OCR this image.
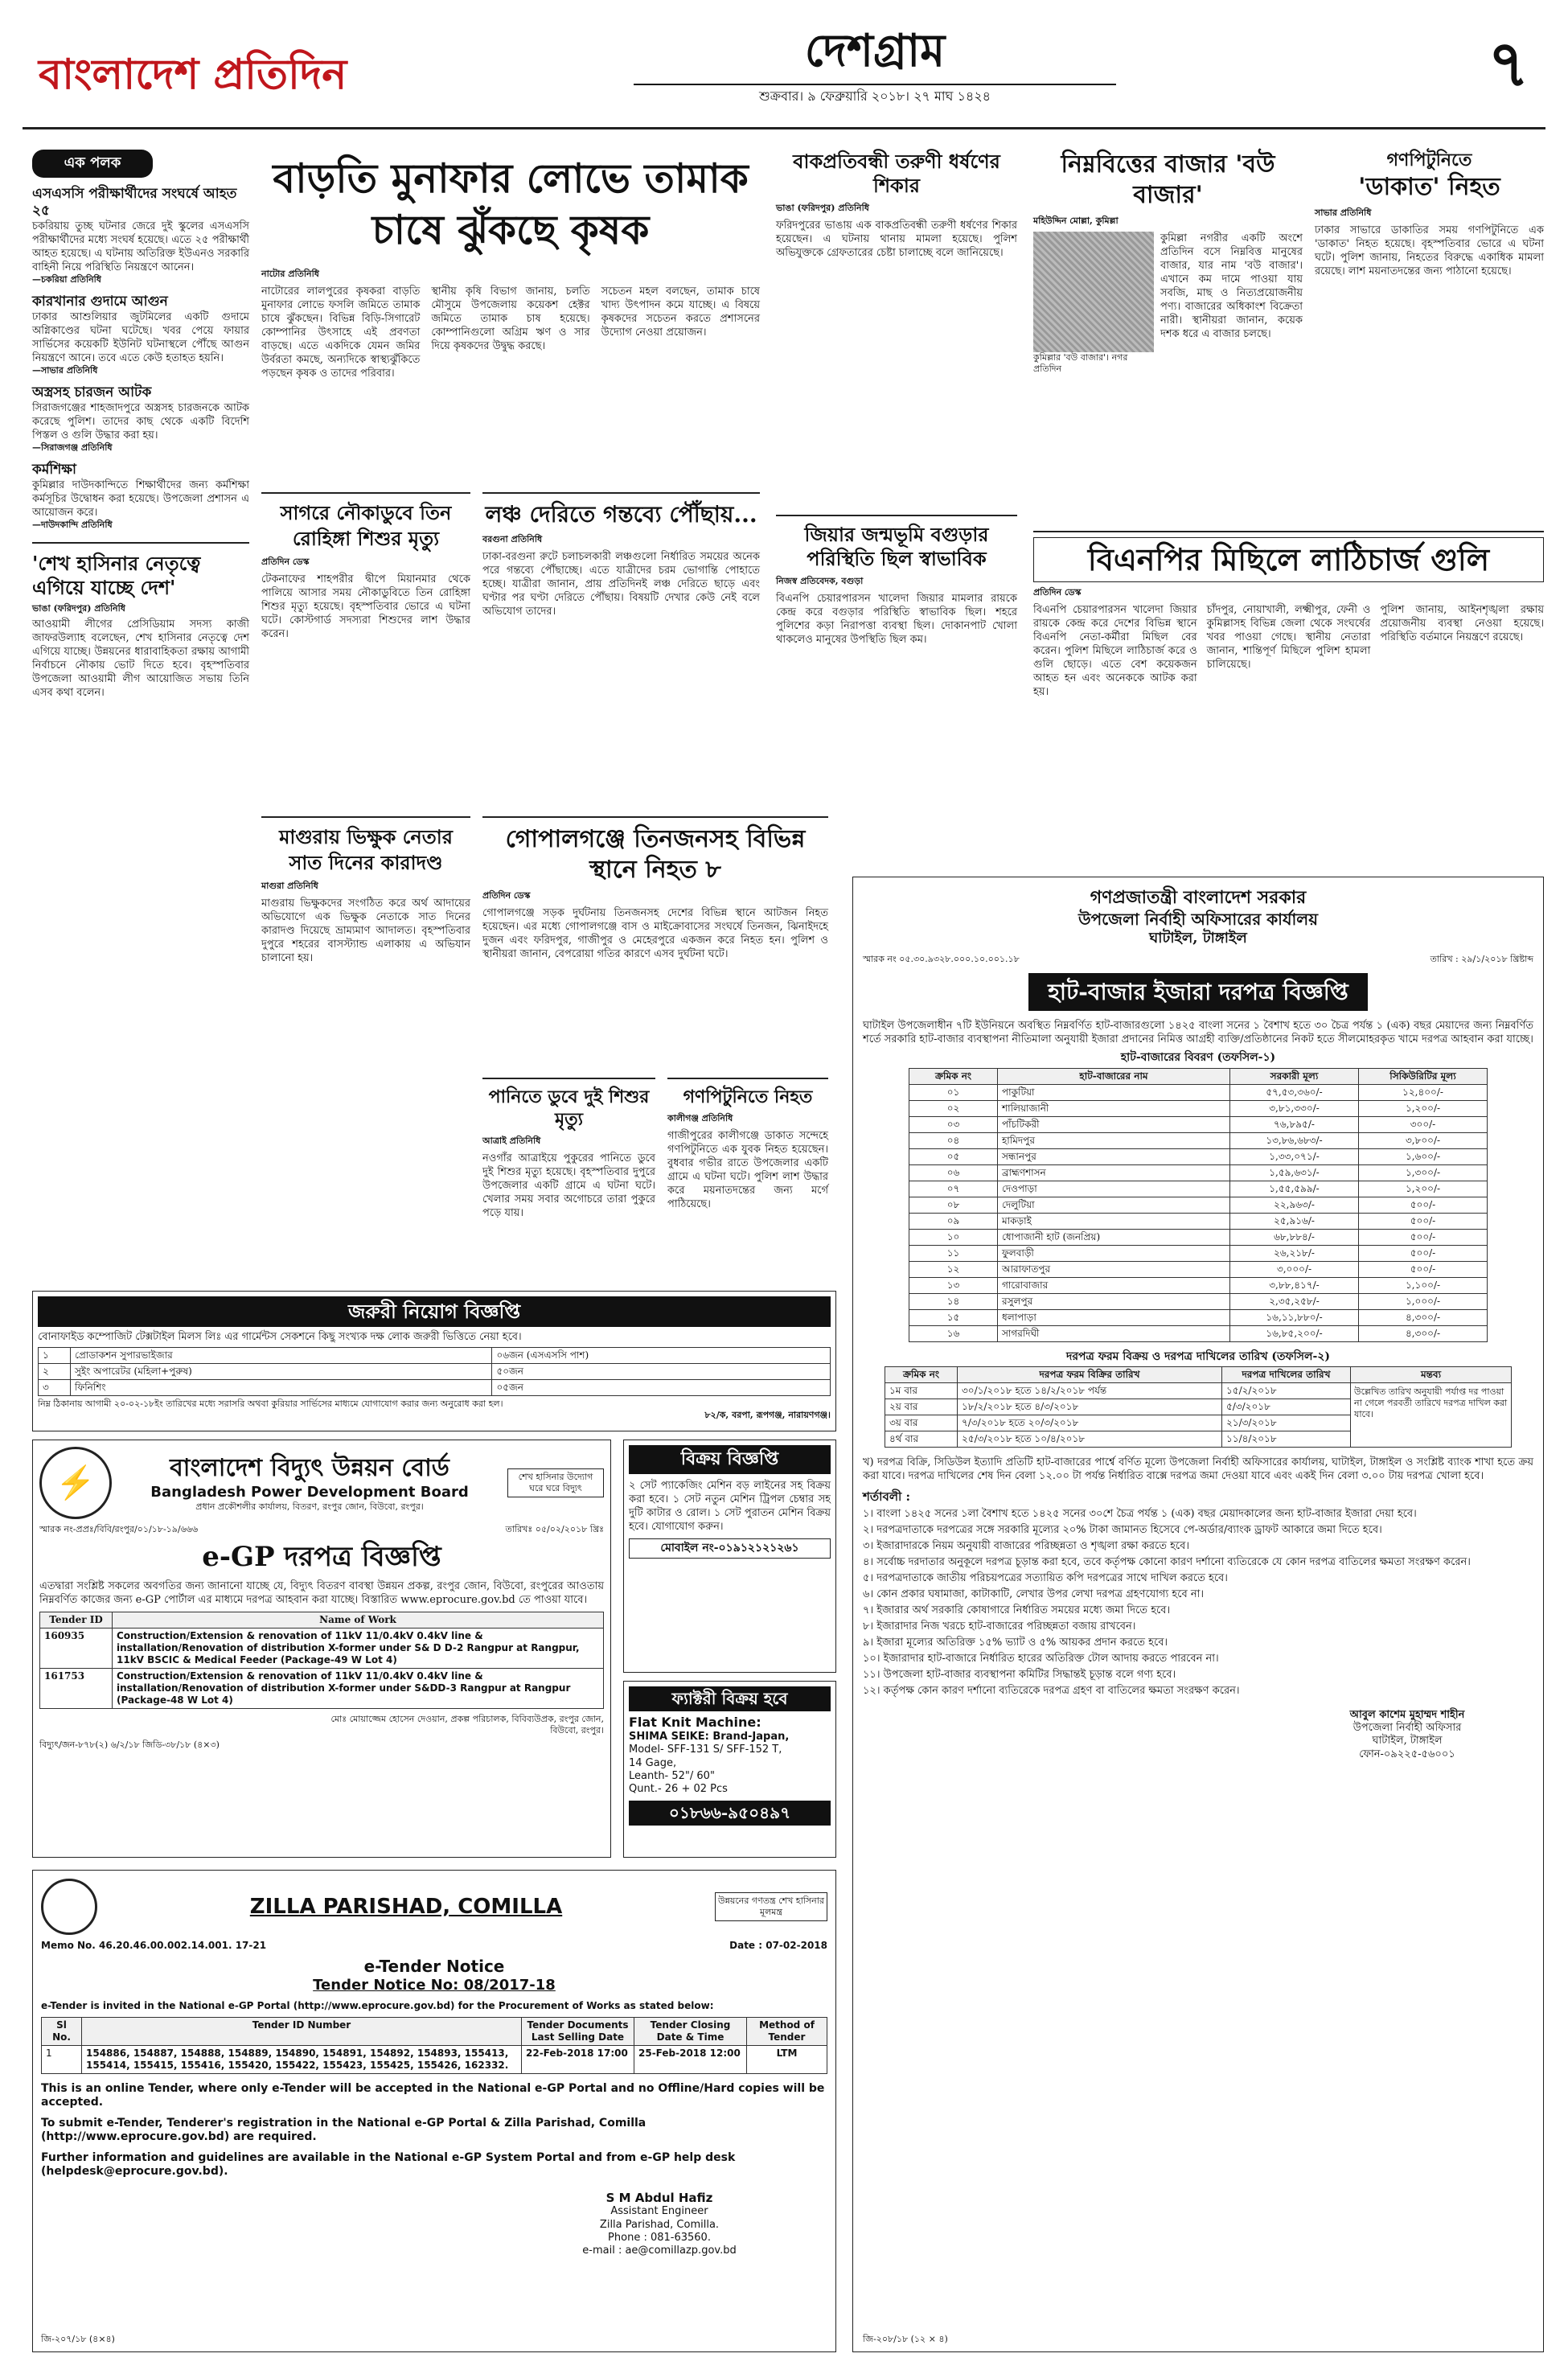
বাংলাদেশ প্রতিদিন	দেশগ্রাম
শুক্রবার। ৯ ফেব্রুয়ারি ২০১৮। ২৭ মাঘ ১৪২৪	৭
এক পলক
এসএসসি পরীক্ষার্থীদের সংঘর্ষে আহত ২৫
চকরিয়ায় তুচ্ছ ঘটনার জেরে দুই স্কুলের এসএসসি পরীক্ষার্থীদের মধ্যে সংঘর্ষ হয়েছে। এতে ২৫ পরীক্ষার্থী আহত হয়েছে। এ ঘটনায় অতিরিক্ত ইউএনও সরকারি বাহিনী নিয়ে পরিস্থিতি নিয়ন্ত্রণে আনেন।
—চকরিয়া প্রতিনিধি
কারখানার গুদামে আগুন
ঢাকার আশুলিয়ার জুটমিলের একটি গুদামে অগ্নিকাণ্ডের ঘটনা ঘটেছে। খবর পেয়ে ফায়ার সার্ভিসের কয়েকটি ইউনিট ঘটনাস্থলে পৌঁছে আগুন নিয়ন্ত্রণে আনে। তবে এতে কেউ হতাহত হয়নি।
—সাভার প্রতিনিধি
অস্ত্রসহ চারজন আটক
সিরাজগঞ্জের শাহজাদপুরে অস্ত্রসহ চারজনকে আটক করেছে পুলিশ। তাদের কাছ থেকে একটি বিদেশি পিস্তল ও গুলি উদ্ধার করা হয়।
—সিরাজগঞ্জ প্রতিনিধি
কর্মশিক্ষা
কুমিল্লার দাউদকান্দিতে শিক্ষার্থীদের জন্য কর্মশিক্ষা কর্মসূচির উদ্বোধন করা হয়েছে। উপজেলা প্রশাসন এ আয়োজন করে।
—দাউদকান্দি প্রতিনিধি
'শেখ হাসিনার নেতৃত্বে এগিয়ে যাচ্ছে দেশ'
ভাঙা (ফরিদপুর) প্রতিনিধি
আওয়ামী লীগের প্রেসিডিয়াম সদস্য কাজী জাফরউল্যাহ বলেছেন, শেখ হাসিনার নেতৃত্বে দেশ এগিয়ে যাচ্ছে। উন্নয়নের ধারাবাহিকতা রক্ষায় আগামী নির্বাচনে নৌকায় ভোট দিতে হবে। বৃহস্পতিবার উপজেলা আওয়ামী লীগ আয়োজিত সভায় তিনি এসব কথা বলেন।
বাড়তি মুনাফার লোভে তামাক চাষে ঝুঁকছে কৃষক
নাটোর প্রতিনিধি
নাটোরের লালপুরের কৃষকরা বাড়তি মুনাফার লোভে ফসলি জমিতে তামাক চাষে ঝুঁকছেন। বিভিন্ন বিড়ি-সিগারেট কোম্পানির উৎসাহে এই প্রবণতা বাড়ছে। এতে একদিকে যেমন জমির উর্বরতা কমছে, অন্যদিকে স্বাস্থ্যঝুঁকিতে পড়ছেন কৃষক ও তাদের পরিবার।
স্থানীয় কৃষি বিভাগ জানায়, চলতি মৌসুমে উপজেলায় কয়েকশ হেক্টর জমিতে তামাক চাষ হয়েছে। কোম্পানিগুলো অগ্রিম ঋণ ও সার দিয়ে কৃষকদের উদ্বুদ্ধ করছে।
সচেতন মহল বলছেন, তামাক চাষে খাদ্য উৎপাদন কমে যাচ্ছে। এ বিষয়ে কৃষকদের সচেতন করতে প্রশাসনের উদ্যোগ নেওয়া প্রয়োজন।
সাগরে নৌকাডুবে তিন রোহিঙ্গা শিশুর মৃত্যু
প্রতিদিন ডেস্ক
টেকনাফের শাহপরীর দ্বীপে মিয়ানমার থেকে পালিয়ে আসার সময় নৌকাডুবিতে তিন রোহিঙ্গা শিশুর মৃত্যু হয়েছে। বৃহস্পতিবার ভোরে এ ঘটনা ঘটে। কোস্টগার্ড সদস্যরা শিশুদের লাশ উদ্ধার করেন।
লঞ্চ দেরিতে গন্তব্যে পৌঁছায়...
বরগুনা প্রতিনিধি
ঢাকা-বরগুনা রুটে চলাচলকারী লঞ্চগুলো নির্ধারিত সময়ের অনেক পরে গন্তব্যে পৌঁছাচ্ছে। এতে যাত্রীদের চরম ভোগান্তি পোহাতে হচ্ছে। যাত্রীরা জানান, প্রায় প্রতিদিনই লঞ্চ দেরিতে ছাড়ে এবং ঘণ্টার পর ঘণ্টা দেরিতে পৌঁছায়। বিষয়টি দেখার কেউ নেই বলে অভিযোগ তাদের।
মাগুরায় ভিক্ষুক নেতার সাত দিনের কারাদণ্ড
মাগুরা প্রতিনিধি
মাগুরায় ভিক্ষুকদের সংগঠিত করে অর্থ আদায়ের অভিযোগে এক ভিক্ষুক নেতাকে সাত দিনের কারাদণ্ড দিয়েছে ভ্রাম্যমাণ আদালত। বৃহস্পতিবার দুপুরে শহরের বাসস্ট্যান্ড এলাকায় এ অভিযান চালানো হয়।
গোপালগঞ্জে তিনজনসহ বিভিন্ন স্থানে নিহত ৮
প্রতিদিন ডেস্ক
গোপালগঞ্জে সড়ক দুর্ঘটনায় তিনজনসহ দেশের বিভিন্ন স্থানে আটজন নিহত হয়েছেন। এর মধ্যে গোপালগঞ্জে বাস ও মাইক্রোবাসের সংঘর্ষে তিনজন, ঝিনাইদহে দুজন এবং ফরিদপুর, গাজীপুর ও মেহেরপুরে একজন করে নিহত হন। পুলিশ ও স্থানীয়রা জানান, বেপরোয়া গতির কারণে এসব দুর্ঘটনা ঘটে।
পানিতে ডুবে দুই শিশুর মৃত্যু
আত্রাই প্রতিনিধি
নওগাঁর আত্রাইয়ে পুকুরের পানিতে ডুবে দুই শিশুর মৃত্যু হয়েছে। বৃহস্পতিবার দুপুরে উপজেলার একটি গ্রামে এ ঘটনা ঘটে। খেলার সময় সবার অগোচরে তারা পুকুরে পড়ে যায়।
গণপিটুনিতে নিহত
কালীগঞ্জ প্রতিনিধি
গাজীপুরের কালীগঞ্জে ডাকাত সন্দেহে গণপিটুনিতে এক যুবক নিহত হয়েছেন। বুধবার গভীর রাতে উপজেলার একটি গ্রামে এ ঘটনা ঘটে। পুলিশ লাশ উদ্ধার করে ময়নাতদন্তের জন্য মর্গে পাঠিয়েছে।
বাকপ্রতিবন্ধী তরুণী ধর্ষণের শিকার
ভাঙা (ফরিদপুর) প্রতিনিধি
ফরিদপুরের ভাঙায় এক বাকপ্রতিবন্ধী তরুণী ধর্ষণের শিকার হয়েছেন। এ ঘটনায় থানায় মামলা হয়েছে। পুলিশ অভিযুক্তকে গ্রেফতারের চেষ্টা চালাচ্ছে বলে জানিয়েছে।
জিয়ার জন্মভূমি বগুড়ার পরিস্থিতি ছিল স্বাভাবিক
নিজস্ব প্রতিবেদক, বগুড়া
বিএনপি চেয়ারপারসন খালেদা জিয়ার মামলার রায়কে কেন্দ্র করে বগুড়ার পরিস্থিতি স্বাভাবিক ছিল। শহরে পুলিশের কড়া নিরাপত্তা ব্যবস্থা ছিল। দোকানপাট খোলা থাকলেও মানুষের উপস্থিতি ছিল কম।
নিম্নবিত্তের বাজার 'বউ বাজার'
মহিউদ্দিন মোল্লা, কুমিল্লা
কুমিল্লার 'বউ বাজার'। নগর প্রতিদিন
কুমিল্লা নগরীর একটি অংশে প্রতিদিন বসে নিম্নবিত্ত মানুষের বাজার, যার নাম 'বউ বাজার'। এখানে কম দামে পাওয়া যায় সবজি, মাছ ও নিত্যপ্রয়োজনীয় পণ্য। বাজারের অধিকাংশ বিক্রেতা নারী। স্থানীয়রা জানান, কয়েক দশক ধরে এ বাজার চলছে।
গণপিটুনিতে
'ডাকাত' নিহত
সাভার প্রতিনিধি
ঢাকার সাভারে ডাকাতির সময় গণপিটুনিতে এক 'ডাকাত' নিহত হয়েছে। বৃহস্পতিবার ভোরে এ ঘটনা ঘটে। পুলিশ জানায়, নিহতের বিরুদ্ধে একাধিক মামলা রয়েছে। লাশ ময়নাতদন্তের জন্য পাঠানো হয়েছে।
বিএনপির মিছিলে লাঠিচার্জ গুলি
প্রতিদিন ডেস্ক
বিএনপি চেয়ারপারসন খালেদা জিয়ার রায়কে কেন্দ্র করে দেশের বিভিন্ন স্থানে বিএনপি নেতা-কর্মীরা মিছিল বের করেন। পুলিশ মিছিলে লাঠিচার্জ করে ও গুলি ছোড়ে। এতে বেশ কয়েকজন আহত হন এবং অনেককে আটক করা হয়।
চাঁদপুর, নোয়াখালী, লক্ষ্মীপুর, ফেনী ও কুমিল্লাসহ বিভিন্ন জেলা থেকে সংঘর্ষের খবর পাওয়া গেছে। স্থানীয় নেতারা জানান, শান্তিপূর্ণ মিছিলে পুলিশ হামলা চালিয়েছে।
পুলিশ জানায়, আইনশৃঙ্খলা রক্ষায় প্রয়োজনীয় ব্যবস্থা নেওয়া হয়েছে। পরিস্থিতি বর্তমানে নিয়ন্ত্রণে রয়েছে।
জরুরী নিয়োগ বিজ্ঞপ্তি
বোনাফাইড কম্পোজিট টেক্সটাইল মিলস লিঃ এর গার্মেন্টস সেকশনে কিছু সংখ্যক দক্ষ লোক জরুরী ভিত্তিতে নেয়া হবে।
১	প্রোডাকশন সুপারভাইজার	০৬জন (এসএসসি পাশ)
২	সুইং অপারেটর (মহিলা+পুরুষ)	৫০জন
৩	ফিনিশিং	০৫জন
নিম্ন ঠিকানায় আগামী ২০-০২-১৮ইং তারিখের মধ্যে সরাসরি অথবা কুরিয়ার সার্ভিসের মাধ্যমে যোগাযোগ করার জন্য অনুরোধ করা হল।
৮২/ক, বরপা, রূপগঞ্জ, নারায়ণগঞ্জ।
⚡	বাংলাদেশ বিদ্যুৎ উন্নয়ন বোর্ড
Bangladesh Power Development Board
প্রধান প্রকৌশলীর কার্যালয়, বিতরণ, রংপুর জোন, বিউবো, রংপুর।
শেখ হাসিনার উদ্যোগ ঘরে ঘরে বিদ্যুৎ
স্মারক নং-প্রপ্রঃ/বিবি/রংপুর/০১/১৮-১৯/৬৬৬	তারিখঃ ০৫/০২/২০১৮ খ্রিঃ
e-GP দরপত্র বিজ্ঞপ্তি
এতদ্বারা সংশ্লিষ্ট সকলের অবগতির জন্য জানানো যাচ্ছে যে, বিদ্যুৎ বিতরণ বাবস্থা উন্নয়ন প্রকল্প, রংপুর জোন, বিউবো, রংপুরের আওতায় নিম্নবর্ণিত কাজের জন্য e-GP পোর্টাল এর মাধ্যমে দরপত্র আহবান করা যাচ্ছে। বিস্তারিত www.eprocure.gov.bd তে পাওয়া যাবে।
Tender ID	Name of Work
160935	Construction/Extension & renovation of 11kV 11/0.4kV 0.4kV line & installation/Renovation of distribution X-former under S& D D-2 Rangpur at Rangpur, 11kV BSCIC & Medical Feeder (Package-49 W Lot 4)
161753	Construction/Extension & renovation of 11kV 11/0.4kV 0.4kV line & installation/Renovation of distribution X-former under S&DD-3 Rangpur at Rangpur (Package-48 W Lot 4)
মোঃ মোয়াজ্জেম হোসেন দেওয়ান, প্রকল্প পরিচালক, বিবিব্যউপ্রক, রংপুর জোন, বিউবো, রংপুর।
বিদ্যুৎ/জন-৮৭৮(২) ৬/২/১৮ জিডি-৩৮/১৮ (৪×৩)
বিক্রয় বিজ্ঞপ্তি
২ সেট প্যাকেজিং মেশিন বড় লাইনের সহ বিক্রয় করা হবে। ১ সেট নতুন মেশিন ট্রিপল চেম্বার সহ দুটি কাটার ও রোল। ১ সেট পুরাতন মেশিন বিক্রয় হবে। যোগাযোগ করুন।
মোবাইল নং-০১৯১২১২১২৬১
ফ্যাক্টরী বিক্রয় হবে
Flat Knit Machine:
SHIMA SEIKE: Brand-Japan,
Model- SFF-131 S/ SFF-152 T,
14 Gage,
Leanth- 52"/ 60"
Qunt.- 26 + 02 Pcs
০১৮৬৬-৯৫০৪৯৭
ZILLA PARISHAD, COMILLA	উন্নয়নের গণতন্ত্র শেখ হাসিনার মূলমন্ত্র
Memo No. 46.20.46.00.002.14.001. 17-21	Date : 07-02-2018
e-Tender Notice
Tender Notice No: 08/2017-18
e-Tender is invited in the National e-GP Portal (http://www.eprocure.gov.bd) for the Procurement of Works as stated below:
Sl No.	Tender ID Number	Tender Documents Last Selling Date	Tender Closing Date & Time	Method of Tender
1	154886, 154887, 154888, 154889, 154890, 154891, 154892, 154893, 155413, 155414, 155415, 155416, 155420, 155422, 155423, 155425, 155426, 162332.	22-Feb-2018 17:00	25-Feb-2018 12:00	LTM
This is an online Tender, where only e-Tender will be accepted in the National e-GP Portal and no Offline/Hard copies will be accepted.
To submit e-Tender, Tenderer's registration in the National e-GP Portal & Zilla Parishad, Comilla (http://www.eprocure.gov.bd) are required.
Further information and guidelines are available in the National e-GP System Portal and from e-GP help desk (helpdesk@eprocure.gov.bd).
S M Abdul Hafiz
Assistant Engineer
Zilla Parishad, Comilla.
Phone : 081-63560.
e-mail : ae@comillazp.gov.bd
জি-২০৭/১৮ (৪×৪)
গণপ্রজাতন্ত্রী বাংলাদেশ সরকার
উপজেলা নির্বাহী অফিসারের কার্যালয়
ঘাটাইল, টাঙ্গাইল
স্মারক নং ০৫.৩০.৯৩২৮.০০০.১০.০০১.১৮	তারিখ : ২৯/১/২০১৮ খ্রিষ্টাব্দ
হাট-বাজার ইজারা দরপত্র বিজ্ঞপ্তি
ঘাটাইল উপজেলাধীন ৭টি ইউনিয়নে অবস্থিত নিম্নবর্ণিত হাট-বাজারগুলো ১৪২৫ বাংলা সনের ১ বৈশাখ হতে ৩০ চৈত্র পর্যন্ত ১ (এক) বছর মেয়াদের জন্য নিম্নবর্ণিত শর্তে সরকারি হাট-বাজার ব্যবস্থাপনা নীতিমালা অনুযায়ী ইজারা প্রদানের নিমিত্ত আগ্রহী ব্যক্তি/প্রতিষ্ঠানের নিকট হতে সীলমোহরকৃত খামে দরপত্র আহবান করা যাচ্ছে।
হাট-বাজারের বিবরণ (তফসিল-১)
ক্রমিক নং	হাট-বাজারের নাম	সরকারী মূল্য	সিকিউরিটির মূল্য
০১	পাকুটিয়া	৫৭,৫৩,৩৬০/-	১২,৪০০/-
০২	শালিয়াজানী	৩,৮১,৩৩০/-	১,২০০/-
০৩	পাঁচটিকরী	৭৬,৮৯৫/-	৩০০/-
০৪	হামিদপুর	১৩,৮৬,৬৮৩/-	৩,৮০০/-
০৫	সন্ধানপুর	১,৩৩,০৭১/-	১,৬০০/-
০৬	ব্রাহ্মণশাসন	১,৫৯,৬৩১/-	১,৩০০/-
০৭	দেওপাড়া	১,৫৫,৫৯৯/-	১,২০০/-
০৮	দেলুটিয়া	২২,৯৬৩/-	৫০০/-
০৯	মাকড়াই	২৫,৯১৬/-	৫০০/-
১০	ধোপাজানী হাট (জনপ্রিয়)	৬৮,৮৮৪/-	৫০০/-
১১	ফুলবাড়ী	২৬,২১৮/-	৫০০/-
১২	আরাফাতপুর	৩,০০০/-	৫০০/-
১৩	গারোবাজার	৩,৮৮,৪১৭/-	১,১০০/-
১৪	রসুলপুর	২,৩৫,২৫৮/-	১,০০০/-
১৫	ধলাপাড়া	১৬,১১,৮৮০/-	৪,৩০০/-
১৬	সাগরদিঘী	১৬,৮৫,২০০/-	৪,৩০০/-
দরপত্র ফরম বিক্রয় ও দরপত্র দাখিলের তারিখ (তফসিল-২)
ক্রমিক নং	দরপত্র ফরম বিক্রির তারিখ	দরপত্র দাখিলের তারিখ
১ম বার	৩০/১/২০১৮ হতে ১৪/২/২০১৮ পর্যন্ত	১৫/২/২০১৮
২য় বার	১৮/২/২০১৮ হতে ৪/৩/২০১৮	৫/৩/২০১৮
৩য় বার	৭/৩/২০১৮ হতে ২০/৩/২০১৮	২১/৩/২০১৮
৪র্থ বার	২৫/৩/২০১৮ হতে ১০/৪/২০১৮	১১/৪/২০১৮
মন্তব্য
উল্লেখিত তারিখ অনুযায়ী পর্যাপ্ত দর পাওয়া না গেলে পরবর্তী তারিখে দরপত্র দাখিল করা যাবে।
খ) দরপত্র বিক্রি, সিডিউল ইত্যাদি প্রতিটি হাট-বাজারের পার্শ্বে বর্ণিত মূল্যে উপজেলা নির্বাহী অফিসারের কার্যালয়, ঘাটাইল, টাঙ্গাইল ও সংশ্লিষ্ট ব্যাংক শাখা হতে ক্রয় করা যাবে। দরপত্র দাখিলের শেষ দিন বেলা ১২.০০ টা পর্যন্ত নির্ধারিত বাক্সে দরপত্র জমা দেওয়া যাবে এবং একই দিন বেলা ৩.০০ টায় দরপত্র খোলা হবে।
শর্তাবলী :
১। বাংলা ১৪২৫ সনের ১লা বৈশাখ হতে ১৪২৫ সনের ৩০শে চৈত্র পর্যন্ত ১ (এক) বছর মেয়াদকালের জন্য হাট-বাজার ইজারা দেয়া হবে।
২। দরপত্রদাতাকে দরপত্রের সঙ্গে সরকারি মূল্যের ২০% টাকা জামানত হিসেবে পে-অর্ডার/ব্যাংক ড্রাফট আকারে জমা দিতে হবে।
৩। ইজারাদারকে নিয়ম অনুযায়ী বাজারের পরিচ্ছন্নতা ও শৃঙ্খলা রক্ষা করতে হবে।
৪। সর্বোচ্চ দরদাতার অনুকূলে দরপত্র চূড়ান্ত করা হবে, তবে কর্তৃপক্ষ কোনো কারণ দর্শানো ব্যতিরেকে যে কোন দরপত্র বাতিলের ক্ষমতা সংরক্ষণ করেন।
৫। দরপত্রদাতাকে জাতীয় পরিচয়পত্রের সত্যায়িত কপি দরপত্রের সাথে দাখিল করতে হবে।
৬। কোন প্রকার ঘষামাজা, কাটাকাটি, লেখার উপর লেখা দরপত্র গ্রহণযোগ্য হবে না।
৭। ইজারার অর্থ সরকারি কোষাগারে নির্ধারিত সময়ের মধ্যে জমা দিতে হবে।
৮। ইজারাদার নিজ খরচে হাট-বাজারের পরিচ্ছন্নতা বজায় রাখবেন।
৯। ইজারা মূল্যের অতিরিক্ত ১৫% ভ্যাট ও ৫% আয়কর প্রদান করতে হবে।
১০। ইজারাদার হাট-বাজারে নির্ধারিত হারের অতিরিক্ত টোল আদায় করতে পারবেন না।
১১। উপজেলা হাট-বাজার ব্যবস্থাপনা কমিটির সিদ্ধান্তই চূড়ান্ত বলে গণ্য হবে।
১২। কর্তৃপক্ষ কোন কারণ দর্শানো ব্যতিরেকে দরপত্র গ্রহণ বা বাতিলের ক্ষমতা সংরক্ষণ করেন।
আবুল কাশেম মুহাম্মদ শাহীন
উপজেলা নির্বাহী অফিসার
ঘাটাইল, টাঙ্গাইল
ফোন-০৯২২৫-৫৬০০১
জি-২০৮/১৮ (১২ × ৪)
